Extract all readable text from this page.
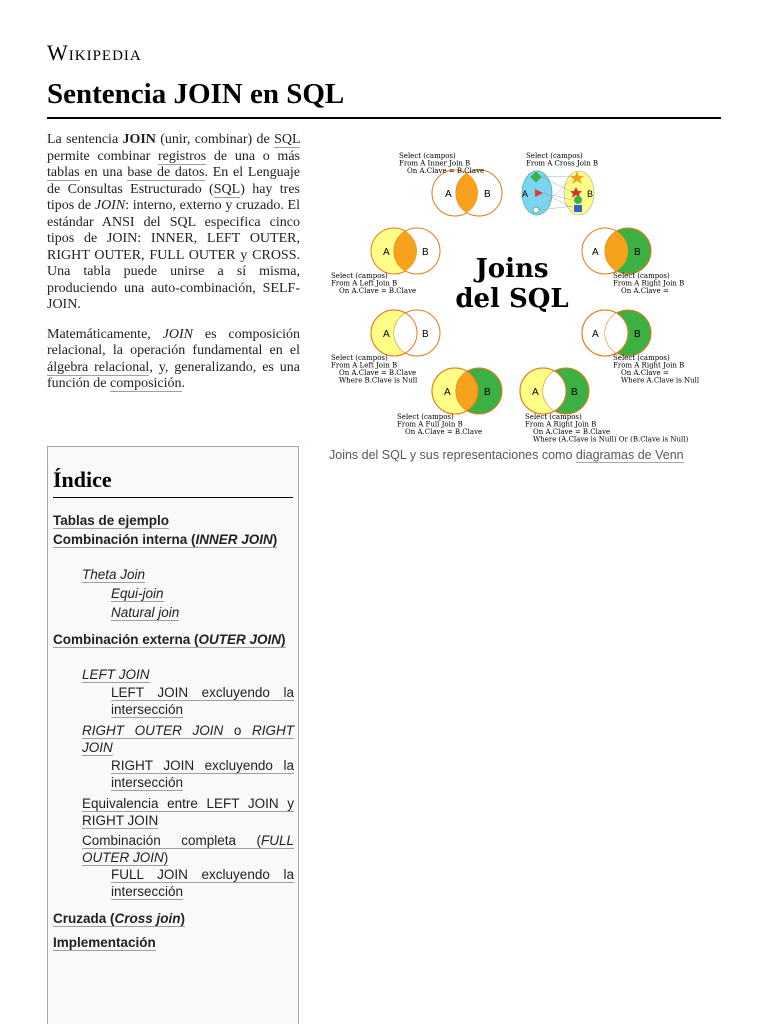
Wikipedia
Sentencia JOIN en SQL

La sentencia JOIN (unir, combinar) de SQL permite combinar registros de una o más tablas en una base de datos. En el Lenguaje de Consultas Estructurado (SQL) hay tres tipos de JOIN: interno, externo y cruzado. El estándar ANSI del SQL especifica cinco tipos de JOIN: INNER, LEFT OUTER, RIGHT OUTER, FULL OUTER y CROSS. Una tabla puede unirse a sí misma, produciendo una auto-combinación, SELF-JOIN.

Matemáticamente, JOIN es composición relacional, la operación fundamental en el álgebra relacional, y, generalizando, es una función de composición.

Índice
Tablas de ejemplo
Combinación interna (INNER JOIN)
Theta Join
Equi-join
Natural join
Combinación externa (OUTER JOIN)
LEFT JOIN
LEFT JOIN excluyendo la intersección
RIGHT OUTER JOIN o RIGHT JOIN
RIGHT JOIN excluyendo la intersección
Equivalencia entre LEFT JOIN y RIGHT JOIN
Combinación completa (FULL OUTER JOIN)
FULL JOIN excluyendo la intersección
Cruzada (Cross join)
Implementación
A	B	A	B
A	B	A	B
A	B	A	B
A	B	A	B
Joins
del SQL
Select (campos)
From A Inner Join B
On A.Clave = B.Clave
Select (campos)
From A Cross Join B
Select (campos)
From A Left Join B
On A.Clave = B.Clave
Select (campos)
From A Right Join B
On A.Clave =
Select (campos)
From A Left Join B
On A.Clave = B.Clave
Where B.Clave is Null
Select (campos)
From A Right Join B
On A.Clave =
Where A.Clave is Null
Select (campos)
From A Full Join B
On A.Clave = B.Clave
Select (campos)
From A Right Join B
On A.Clave = B.Clave
Where (A.Clave is Null) Or (B.Clave is Null)
Joins del SQL y sus representaciones como diagramas de Venn
